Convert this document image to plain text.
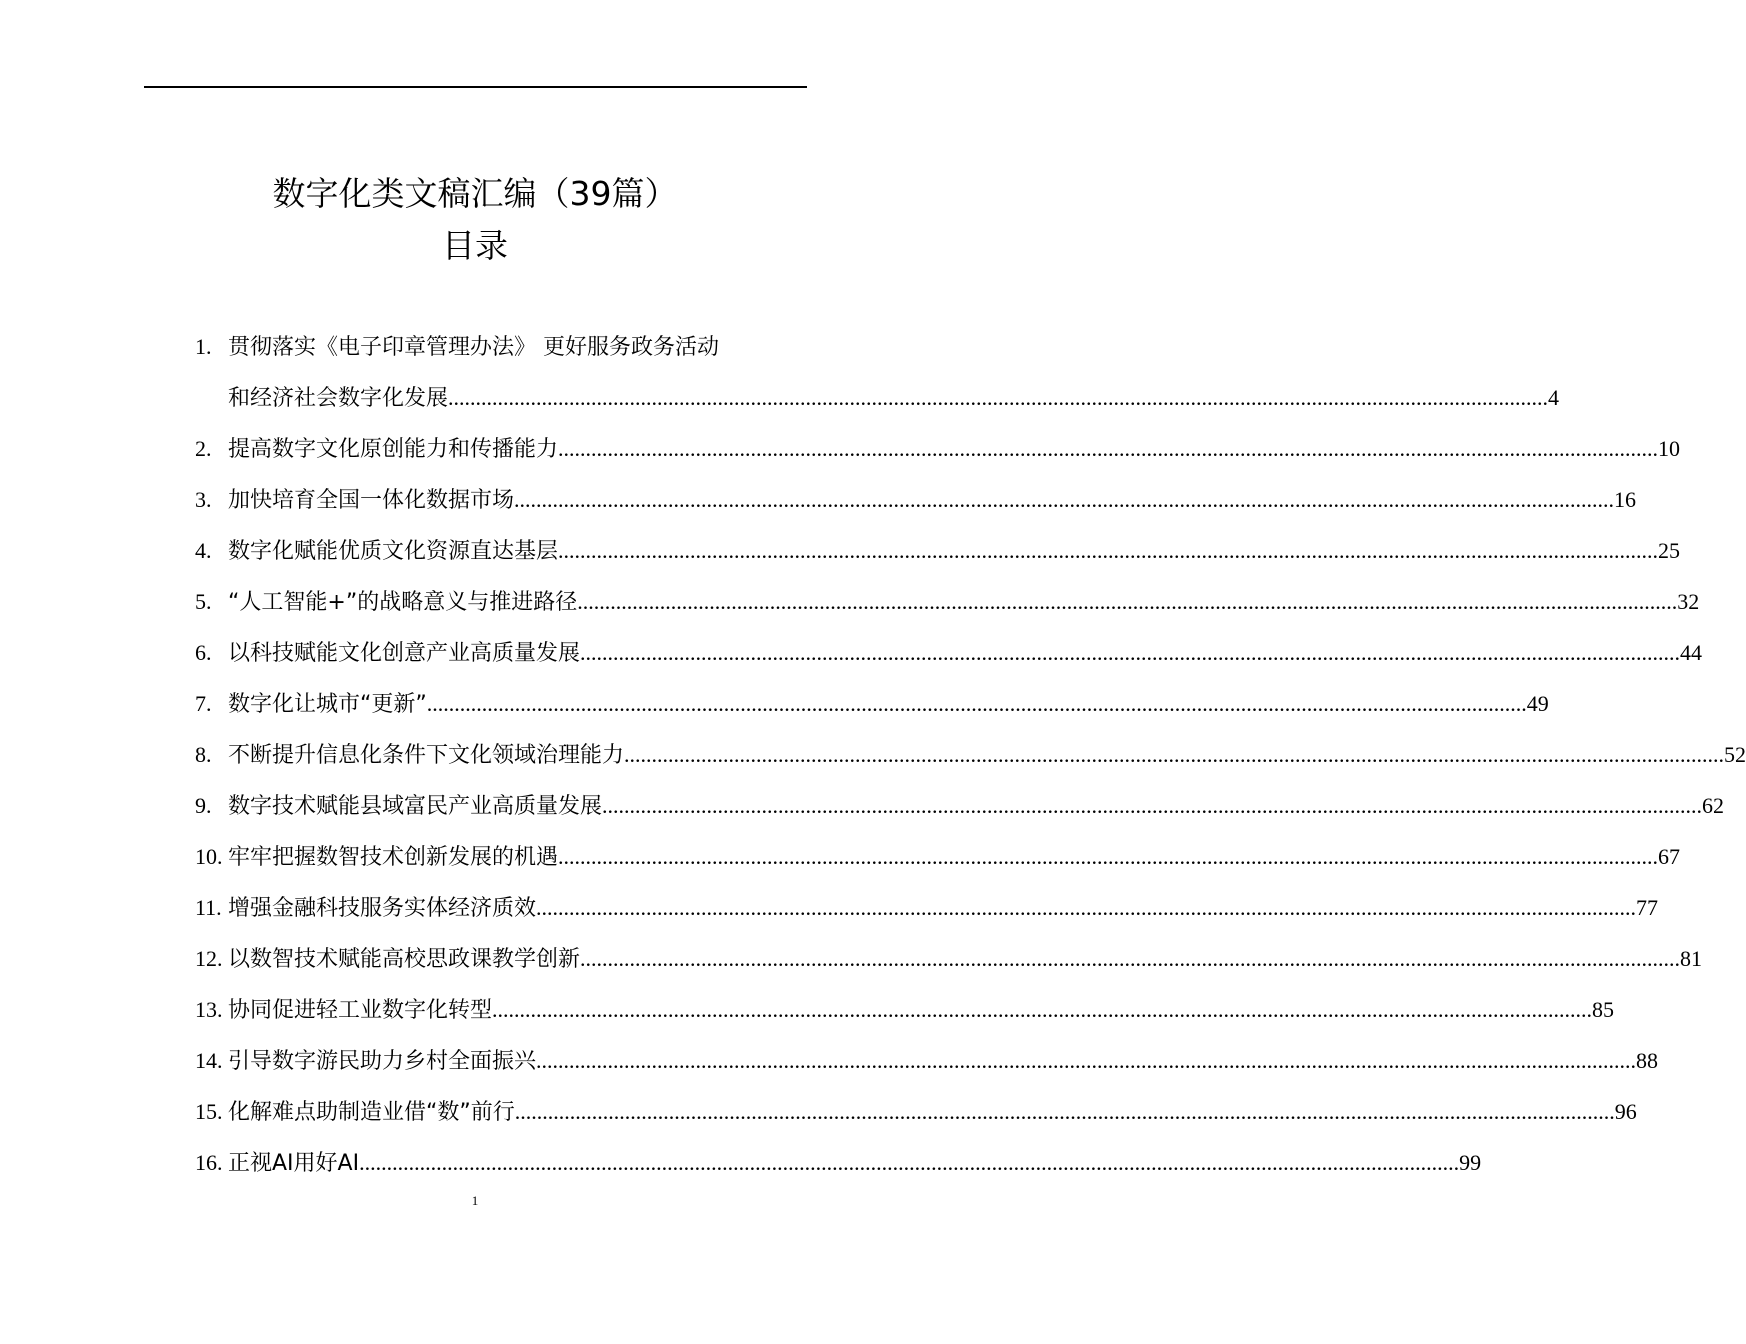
数字化类文稿汇编（39篇）
目录
1. 贯彻落实《电子印章管理办法》 更好服务政务活动
和经济社会数字化发展 ........................................................................................................................................................................................................ 4
2. 提高数字文化原创能力和传播能力 ........................................................................................................................................................................................................ 10
3. 加快培育全国一体化数据市场 ........................................................................................................................................................................................................ 16
4. 数字化赋能优质文化资源直达基层 ........................................................................................................................................................................................................ 25
5. “人工智能+”的战略意义与推进路径 ........................................................................................................................................................................................................ 32
6. 以科技赋能文化创意产业高质量发展 ........................................................................................................................................................................................................ 44
7. 数字化让城市“更新” ........................................................................................................................................................................................................ 49
8. 不断提升信息化条件下文化领域治理能力 ........................................................................................................................................................................................................ 52
9. 数字技术赋能县域富民产业高质量发展 ........................................................................................................................................................................................................ 62
10. 牢牢把握数智技术创新发展的机遇 ........................................................................................................................................................................................................ 67
11. 增强金融科技服务实体经济质效 ........................................................................................................................................................................................................ 77
12. 以数智技术赋能高校思政课教学创新 ........................................................................................................................................................................................................ 81
13. 协同促进轻工业数字化转型 ........................................................................................................................................................................................................ 85
14. 引导数字游民助力乡村全面振兴 ........................................................................................................................................................................................................ 88
15. 化解难点助制造业借“数”前行 ........................................................................................................................................................................................................ 96
16. 正视AI用好AI ........................................................................................................................................................................................................ 99
1
